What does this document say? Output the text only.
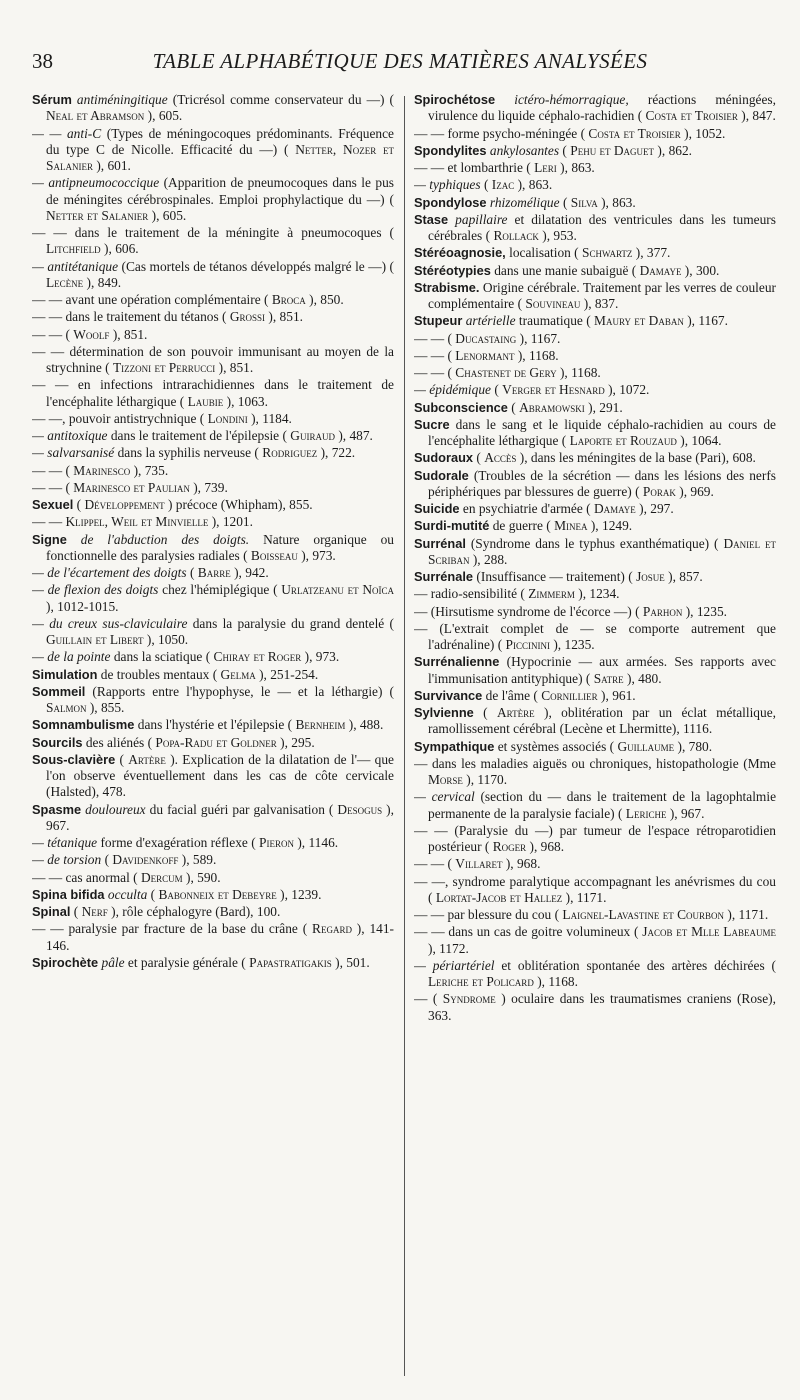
38	TABLE ALPHABÉTIQUE DES MATIÈRES ANALYSÉES

Sérum antiméningitique (Tricrésol comme conservateur du —) ( Neal et Abramson ), 605.

— — anti-C (Types de méningocoques prédominants. Fréquence du type C de Nicolle. Efficacité du —) ( Netter, Nozer et Salanier ), 601.

— antipneumococcique (Apparition de pneumocoques dans le pus de méningites cérébrospinales. Emploi prophylactique du —) ( Netter et Salanier ), 605.

— — dans le traitement de la méningite à pneumocoques ( Litchfield ), 606.

— antitétanique (Cas mortels de tétanos développés malgré le —) ( Lecène ), 849.

— — avant une opération complémentaire ( Broca ), 850.

— — dans le traitement du tétanos ( Grossi ), 851.

— — ( Woolf ), 851.

— — détermination de son pouvoir immunisant au moyen de la strychnine ( Tizzoni et Perrucci ), 851.

— — en infections intrarachidiennes dans le traitement de l'encéphalite léthargique ( Laubie ), 1063.

— —, pouvoir antistrychnique ( Londini ), 1184.

— antitoxique dans le traitement de l'épilepsie ( Guiraud ), 487.

— salvarsanisé dans la syphilis nerveuse ( Rodriguez ), 722.

— — ( Marinesco ), 735.

— — ( Marinesco et Paulian ), 739.

Sexuel ( Développement ) précoce (Whipham), 855.

— — Klippel, Weil et Minvielle ), 1201.

Signe de l'abduction des doigts. Nature organique ou fonctionnelle des paralysies radiales ( Boisseau ), 973.

— de l'écartement des doigts ( Barre ), 942.

— de flexion des doigts chez l'hémiplégique ( Urlatzeanu et Noïca ), 1012-1015.

— du creux sus-claviculaire dans la paralysie du grand dentelé ( Guillain et Libert ), 1050.

— de la pointe dans la sciatique ( Chiray et Roger ), 973.

Simulation de troubles mentaux ( Gelma ), 251-254.

Sommeil (Rapports entre l'hypophyse, le — et la léthargie) ( Salmon ), 855.

Somnambulisme dans l'hystérie et l'épilepsie ( Bernheim ), 488.

Sourcils des aliénés ( Popa-Radu et Goldner ), 295.

Sous-clavière ( Artère ). Explication de la dilatation de l'— que l'on observe éventuellement dans les cas de côte cervicale (Halsted), 478.

Spasme douloureux du facial guéri par galvanisation ( Desogus ), 967.

— tétanique forme d'exagération réflexe ( Pieron ), 1146.

— de torsion ( Davidenkoff ), 589.

— — cas anormal ( Dercum ), 590.

Spina bifida occulta ( Babonneix et Debeyre ), 1239.

Spinal ( Nerf ), rôle céphalogyre (Bard), 100.

— — paralysie par fracture de la base du crâne ( Regard ), 141-146.

Spirochète pâle et paralysie générale ( Papastratigakis ), 501.

Spirochétose ictéro-hémorragique, réactions méningées, virulence du liquide céphalo-rachidien ( Costa et Troisier ), 847.

— — forme psycho-méningée ( Costa et Troisier ), 1052.

Spondylites ankylosantes ( Pehu et Daguet ), 862.

— — et lombarthrie ( Leri ), 863.

— typhiques ( Izac ), 863.

Spondylose rhizomélique ( Silva ), 863.

Stase papillaire et dilatation des ventricules dans les tumeurs cérébrales ( Rollack ), 953.

Stéréoagnosie, localisation ( Schwartz ), 377.

Stéréotypies dans une manie subaiguë ( Damaye ), 300.

Strabisme. Origine cérébrale. Traitement par les verres de couleur complémentaire ( Souvineau ), 837.

Stupeur artérielle traumatique ( Maury et Daban ), 1167.

— — ( Ducastaing ), 1167.

— — ( Lenormant ), 1168.

— — ( Chastenet de Gery ), 1168.

— épidémique ( Verger et Hesnard ), 1072.

Subconscience ( Abramowski ), 291.

Sucre dans le sang et le liquide céphalo-rachidien au cours de l'encéphalite léthargique ( Laporte et Rouzaud ), 1064.

Sudoraux ( Accès ), dans les méningites de la base (Pari), 608.

Sudorale (Troubles de la sécrétion — dans les lésions des nerfs périphériques par blessures de guerre) ( Porak ), 969.

Suicide en psychiatrie d'armée ( Damaye ), 297.

Surdi-mutité de guerre ( Minea ), 1249.

Surrénal (Syndrome dans le typhus exanthématique) ( Daniel et Scriban ), 288.

Surrénale (Insuffisance — traitement) ( Josue ), 857.

— radio-sensibilité ( Zimmerm ), 1234.

— (Hirsutisme syndrome de l'écorce —) ( Parhon ), 1235.

— (L'extrait complet de — se comporte autrement que l'adrénaline) ( Piccinini ), 1235.

Surrénalienne (Hypocrinie — aux armées. Ses rapports avec l'immunisation antityphique) ( Satre ), 480.

Survivance de l'âme ( Cornillier ), 961.

Sylvienne ( Artère ), oblitération par un éclat métallique, ramollissement cérébral (Lecène et Lhermitte), 1116.

Sympathique et systèmes associés ( Guillaume ), 780.

— dans les maladies aiguës ou chroniques, histopathologie (Mme Morse ), 1170.

— cervical (section du — dans le traitement de la lagophtalmie permanente de la paralysie faciale) ( Leriche ), 967.

— — (Paralysie du —) par tumeur de l'espace rétroparotidien postérieur ( Roger ), 968.

— — ( Villaret ), 968.

— —, syndrome paralytique accompagnant les anévrismes du cou ( Lortat-Jacob et Hallez ), 1171.

— — par blessure du cou ( Laignel-Lavastine et Courbon ), 1171.

— — dans un cas de goitre volumineux ( Jacob et Mlle Labeaume ), 1172.

— périartériel et oblitération spontanée des artères déchirées ( Leriche et Policard ), 1168.

— ( Syndrome ) oculaire dans les traumatismes craniens (Rose), 363.
